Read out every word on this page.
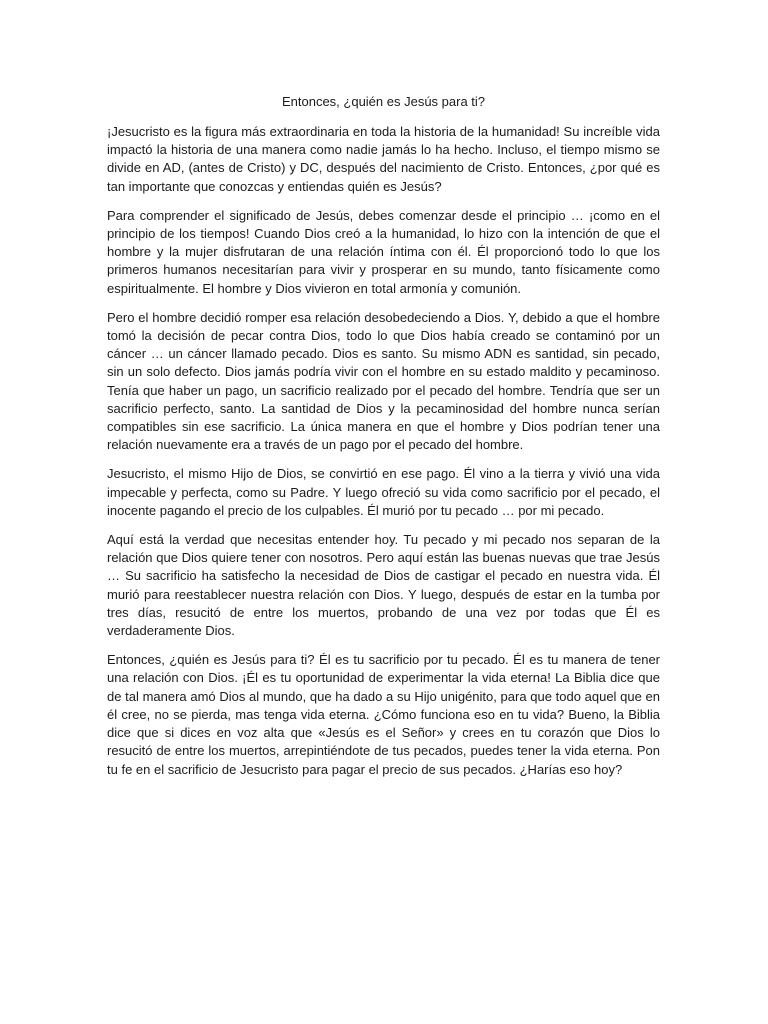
Entonces, ¿quién es Jesús para ti?

¡Jesucristo es la figura más extraordinaria en toda la historia de la humanidad! Su increíble vida impactó la historia de una manera como nadie jamás lo ha hecho. Incluso, el tiempo mismo se divide en AD, (antes de Cristo) y DC, después del nacimiento de Cristo. Entonces, ¿por qué es tan importante que conozcas y entiendas quién es Jesús?

Para comprender el significado de Jesús, debes comenzar desde el principio … ¡como en el principio de los tiempos! Cuando Dios creó a la humanidad, lo hizo con la intención de que el hombre y la mujer disfrutaran de una relación íntima con él. Él proporcionó todo lo que los primeros humanos necesitarían para vivir y prosperar en su mundo, tanto físicamente como espiritualmente. El hombre y Dios vivieron en total armonía y comunión.

Pero el hombre decidió romper esa relación desobedeciendo a Dios. Y, debido a que el hombre tomó la decisión de pecar contra Dios, todo lo que Dios había creado se contaminó por un cáncer … un cáncer llamado pecado. Dios es santo. Su mismo ADN es santidad, sin pecado, sin un solo defecto. Dios jamás podría vivir con el hombre en su estado maldito y pecaminoso. Tenía que haber un pago, un sacrificio realizado por el pecado del hombre. Tendría que ser un sacrificio perfecto, santo. La santidad de Dios y la pecaminosidad del hombre nunca serían compatibles sin ese sacrificio. La única manera en que el hombre y Dios podrían tener una relación nuevamente era a través de un pago por el pecado del hombre.

Jesucristo, el mismo Hijo de Dios, se convirtió en ese pago. Él vino a la tierra y vivió una vida impecable y perfecta, como su Padre. Y luego ofreció su vida como sacrificio por el pecado, el inocente pagando el precio de los culpables. Él murió por tu pecado … por mi pecado.

Aquí está la verdad que necesitas entender hoy. Tu pecado y mi pecado nos separan de la relación que Dios quiere tener con nosotros. Pero aquí están las buenas nuevas que trae Jesús … Su sacrificio ha satisfecho la necesidad de Dios de castigar el pecado en nuestra vida. Él murió para reestablecer nuestra relación con Dios. Y luego, después de estar en la tumba por tres días, resucitó de entre los muertos, probando de una vez por todas que Él es verdaderamente Dios.

Entonces, ¿quién es Jesús para ti? Él es tu sacrificio por tu pecado. Él es tu manera de tener una relación con Dios. ¡Él es tu oportunidad de experimentar la vida eterna! La Biblia dice que de tal manera amó Dios al mundo, que ha dado a su Hijo unigénito, para que todo aquel que en él cree, no se pierda, mas tenga vida eterna. ¿Cómo funciona eso en tu vida? Bueno, la Biblia dice que si dices en voz alta que «Jesús es el Señor» y crees en tu corazón que Dios lo resucitó de entre los muertos, arrepintiéndote de tus pecados, puedes tener la vida eterna. Pon tu fe en el sacrificio de Jesucristo para pagar el precio de sus pecados. ¿Harías eso hoy?
